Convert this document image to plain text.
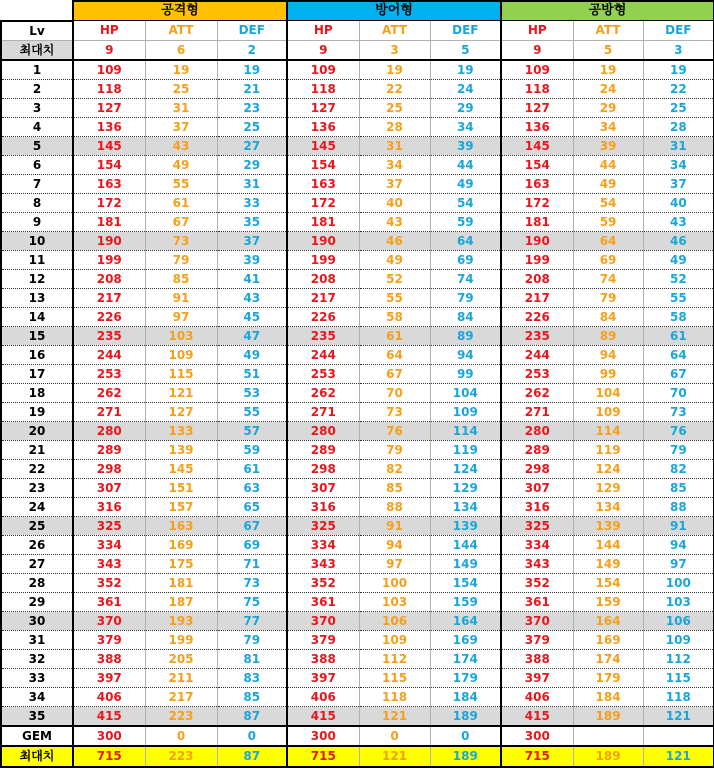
	공격형			방어형			공방형		
Lv	HP	ATT	DEF	HP	ATT	DEF	HP	ATT	DEF
최대치	9	6	2	9	3	5	9	5	3
1	109	19	19	109	19	19	109	19	19
2	118	25	21	118	22	24	118	24	22
3	127	31	23	127	25	29	127	29	25
4	136	37	25	136	28	34	136	34	28
5	145	43	27	145	31	39	145	39	31
6	154	49	29	154	34	44	154	44	34
7	163	55	31	163	37	49	163	49	37
8	172	61	33	172	40	54	172	54	40
9	181	67	35	181	43	59	181	59	43
10	190	73	37	190	46	64	190	64	46
11	199	79	39	199	49	69	199	69	49
12	208	85	41	208	52	74	208	74	52
13	217	91	43	217	55	79	217	79	55
14	226	97	45	226	58	84	226	84	58
15	235	103	47	235	61	89	235	89	61
16	244	109	49	244	64	94	244	94	64
17	253	115	51	253	67	99	253	99	67
18	262	121	53	262	70	104	262	104	70
19	271	127	55	271	73	109	271	109	73
20	280	133	57	280	76	114	280	114	76
21	289	139	59	289	79	119	289	119	79
22	298	145	61	298	82	124	298	124	82
23	307	151	63	307	85	129	307	129	85
24	316	157	65	316	88	134	316	134	88
25	325	163	67	325	91	139	325	139	91
26	334	169	69	334	94	144	334	144	94
27	343	175	71	343	97	149	343	149	97
28	352	181	73	352	100	154	352	154	100
29	361	187	75	361	103	159	361	159	103
30	370	193	77	370	106	164	370	164	106
31	379	199	79	379	109	169	379	169	109
32	388	205	81	388	112	174	388	174	112
33	397	211	83	397	115	179	397	179	115
34	406	217	85	406	118	184	406	184	118
35	415	223	87	415	121	189	415	189	121
GEM	300	0	0	300	0	0	300		
최대치	715	223	87	715	121	189	715	189	121
